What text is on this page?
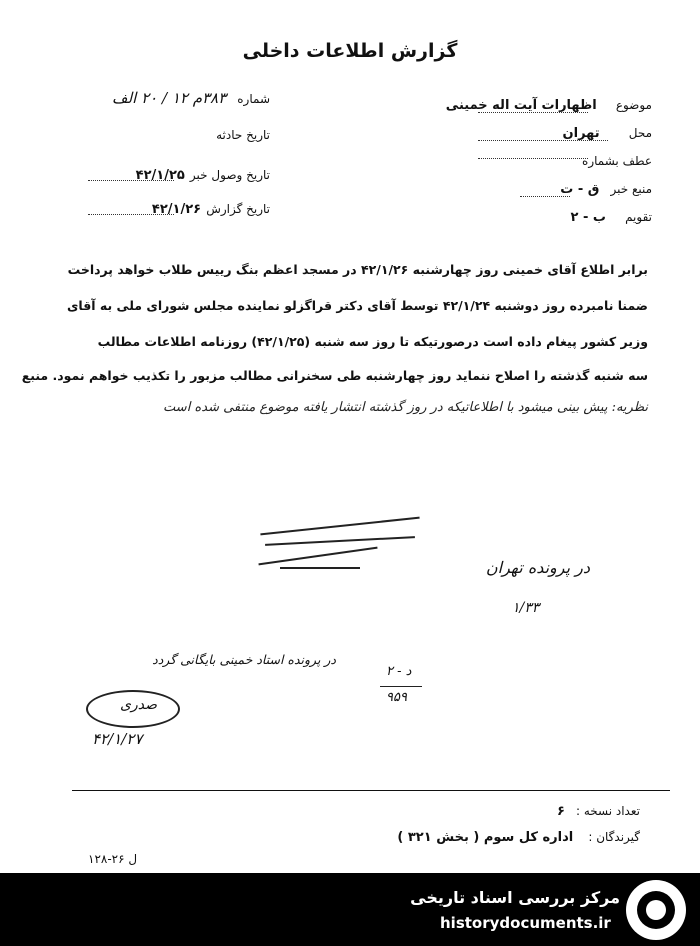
گزارش اطلاعات داخلی
موضوع اظهارات آیت اله خمینی
محل تهران
عطف بشماره
منبع خبر ق - ت
تقویم ب - ۲
شماره ۳۸۳م ۱۲ / ۲۰ الف
تاریخ حادثه
تاریخ وصول خبر ۴۲/۱/۲۵
تاریخ گزارش ۴۲/۱/۲۶
برابر اطلاع آقای خمینی روز چهارشنبه ۴۲/۱/۲۶ در مسجد اعظم بنگ رییس طلاب خواهد پرداخت
ضمنا نامبرده روز دوشنبه ۴۲/۱/۲۴ توسط آقای دکتر قراگزلو نماینده مجلس شورای ملی به آقای
وزیر کشور پیغام داده است درصورتیکه تا روز سه شنبه (۴۲/۱/۲۵) روزنامه اطلاعات مطالب
سه شنبه گذشته را اصلاح ننماید روز چهارشنبه طی سخنرانی مطالب مزبور را تکذیب خواهم نمود. منبع
نظریه: پیش بینی میشود با اطلاعاتیکه در روز گذشته انتشار یافته موضوع منتفی شده است
در پرونده تهران
۱/۳۳
۲ - د
۹۵۹
در پرونده استاد خمینی بایگانی گردد
صدری
۴۲/۱/۲۷
تعداد نسخه : ۶
گیرندگان : اداره کل سوم ( بخش ۳۲۱ )
۱۲۸-۲۶ ل
مرکز بررسی اسناد تاریخی
historydocuments.ir
